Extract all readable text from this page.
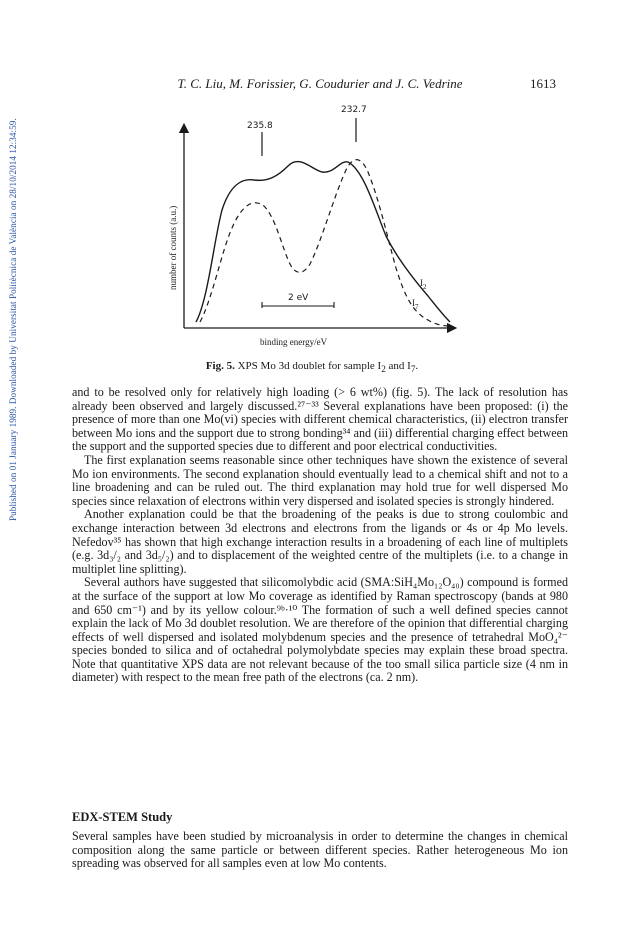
Published on 01 January 1989. Downloaded by Universitat Politècnica de València on 28/10/2014 12:34:59.
T. C. Liu, M. Forissier, G. Coudurier and J. C. Vedrine	1613
235.8
232.7
2 eV
$I_2$
$I_7$
number of counts (a.u.)
binding energy/eV
Fig. 5. XPS Mo 3d doublet for sample $I_2$ and $I_7$.

and to be resolved only for relatively high loading (> 6 wt%) (fig. 5). The lack of resolution has already been observed and largely discussed.²⁷⁻³³ Several explanations have been proposed: (i) the presence of more than one Mo(vi) species with different chemical characteristics, (ii) electron transfer between Mo ions and the support due to strong bonding³⁴ and (iii) differential charging effect between the support and the supported species due to different and poor electrical conductivities.

The first explanation seems reasonable since other techniques have shown the existence of several Mo ion environments. The second explanation should eventually lead to a chemical shift and not to a line broadening and can be ruled out. The third explanation may hold true for well dispersed Mo species since relaxation of electrons within very dispersed and isolated species is strongly hindered.

Another explanation could be that the broadening of the peaks is due to strong coulombic and exchange interaction between 3d electrons and electrons from the ligands or 4s or 4p Mo levels. Nefedov³⁵ has shown that high exchange interaction results in a broadening of each line of multiplets (e.g. 3d₃/₂ and 3d₅/₂) and to displacement of the weighted centre of the multiplets (i.e. to a change in multiplet line splitting).

Several authors have suggested that silicomolybdic acid (SMA:SiH₄Mo₁₂O₄₀) compound is formed at the surface of the support at low Mo coverage as identified by Raman spectroscopy (bands at 980 and 650 cm⁻¹) and by its yellow colour.⁹ᵇ·¹⁰ The formation of such a well defined species cannot explain the lack of Mo 3d doublet resolution. We are therefore of the opinion that differential charging effects of well dispersed and isolated molybdenum species and the presence of tetrahedral MoO₄²⁻ species bonded to silica and of octahedral polymolybdate species may explain these broad spectra. Note that quantitative XPS data are not relevant because of the too small silica particle size (4 nm in diameter) with respect to the mean free path of the electrons (ca. 2 nm).

EDX-STEM Study

Several samples have been studied by microanalysis in order to determine the changes in chemical composition along the same particle or between different species. Rather heterogeneous Mo ion spreading was observed for all samples even at low Mo contents.
